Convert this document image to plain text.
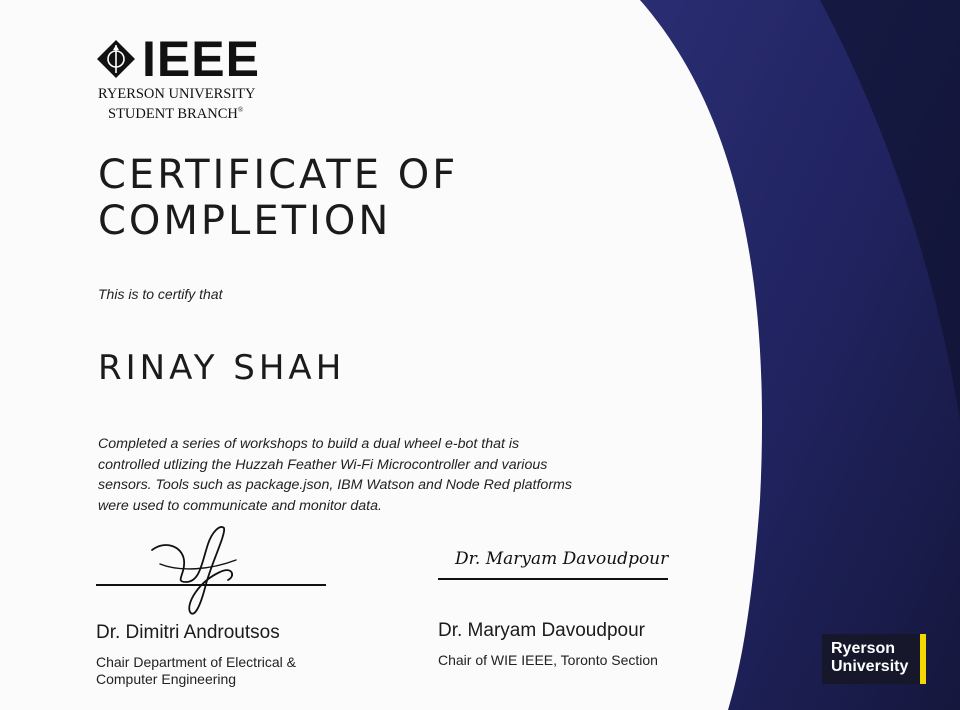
IEEE
RYERSON UNIVERSITY
STUDENT BRANCH®
CERTIFICATE OF
COMPLETION
This is to certify that
RINAY SHAH
Completed a series of workshops to build a dual wheel e-bot that is controlled utlizing the Huzzah Feather Wi-Fi Microcontroller and various sensors. Tools such as package.json, IBM Watson and Node Red platforms were used to communicate and monitor data.
Dr. Dimitri Androutsos
Chair Department of Electrical &
Computer Engineering
Dr. Maryam Davoudpour
Dr. Maryam Davoudpour
Chair of WIE IEEE, Toronto Section
Ryerson
University
